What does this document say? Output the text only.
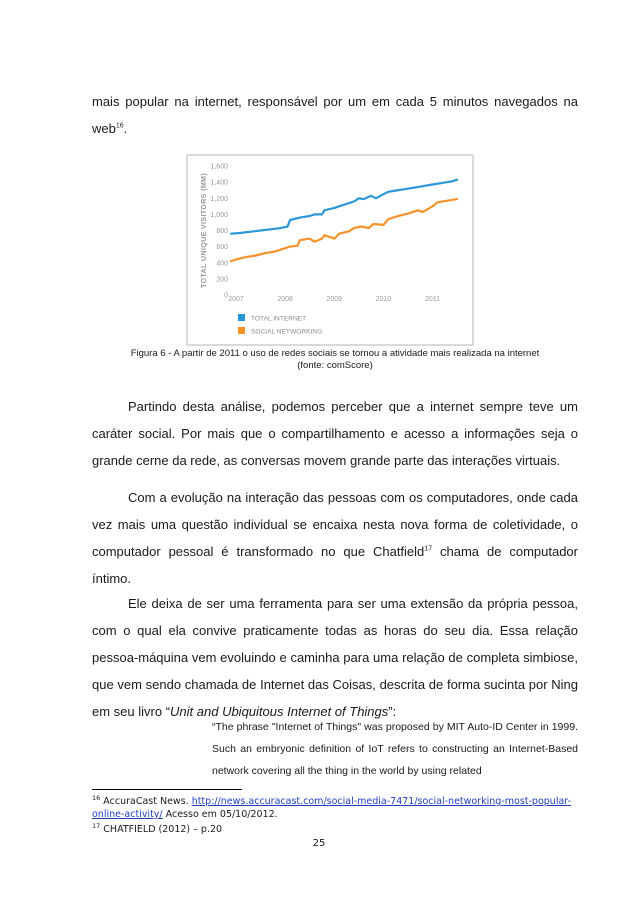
mais popular na internet, responsável por um em cada 5 minutos navegados na web$^{16}$.

0
200
400
600
800
1,000
1,200
1,400
1,600
TOTAL UNIQUE VISITORS (MM)
2007	2008	2009	2010	2011
TOTAL INTERNET
SOCIAL NETWORKING

Figura 6 - A partir de 2011 o uso de redes sociais se tornou a atividade mais realizada na internet
(fonte: comScore)

Partindo desta análise, podemos perceber que a internet sempre teve um caráter social. Por mais que o compartilhamento e acesso a informações seja o grande cerne da rede, as conversas movem grande parte das interações virtuais.

Com a evolução na interação das pessoas com os computadores, onde cada vez mais uma questão individual se encaixa nesta nova forma de coletividade, o computador pessoal é transformado no que Chatfield$^{17}$ chama de computador íntimo.

Ele deixa de ser uma ferramenta para ser uma extensão da própria pessoa, com o qual ela convive praticamente todas as horas do seu dia. Essa relação pessoa-máquina vem evoluindo e caminha para uma relação de completa simbiose, que vem sendo chamada de Internet das Coisas, descrita de forma sucinta por Ning em seu livro “Unit and Ubiquitous Internet of Things”:

“The phrase "Internet of Things" was proposed by MIT Auto-ID Center in 1999. Such an embryonic definition of IoT refers to constructing an Internet-Based network covering all the thing in the world by using related

$^{16}$ AccuraCast News. http://news.accuracast.com/social-media-7471/social-networking-most-popular-online-activity/ Acesso em 05/10/2012.

$^{17}$ CHATFIELD (2012) – p.20

25
